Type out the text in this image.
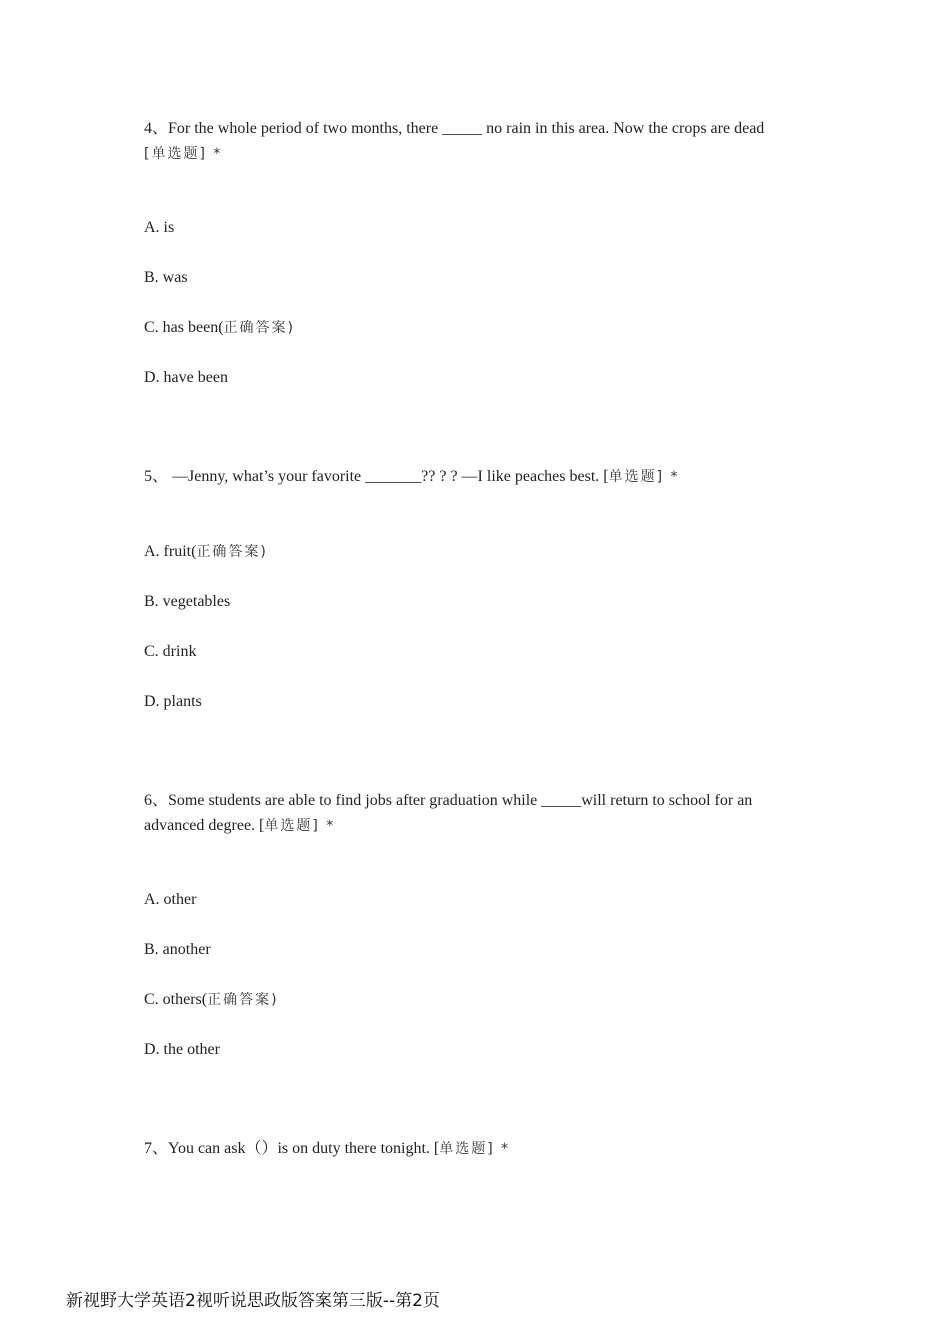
4、For the whole period of two months, there _____ no rain in this area. Now the crops are dead
[单选题] *
A. is
B. was
C. has been(正确答案)
D. have been
5、 —Jenny, what’s your favorite _______?? ? ? —I like peaches best. [单选题] *
A. fruit(正确答案)
B. vegetables
C. drink
D. plants
6、Some students are able to find jobs after graduation while _____will return to school for an advanced degree. [单选题] *
A. other
B. another
C. others(正确答案)
D. the other
7、You can ask（）is on duty there tonight. [单选题] *
新视野大学英语2视听说思政版答案第三版--第2页
